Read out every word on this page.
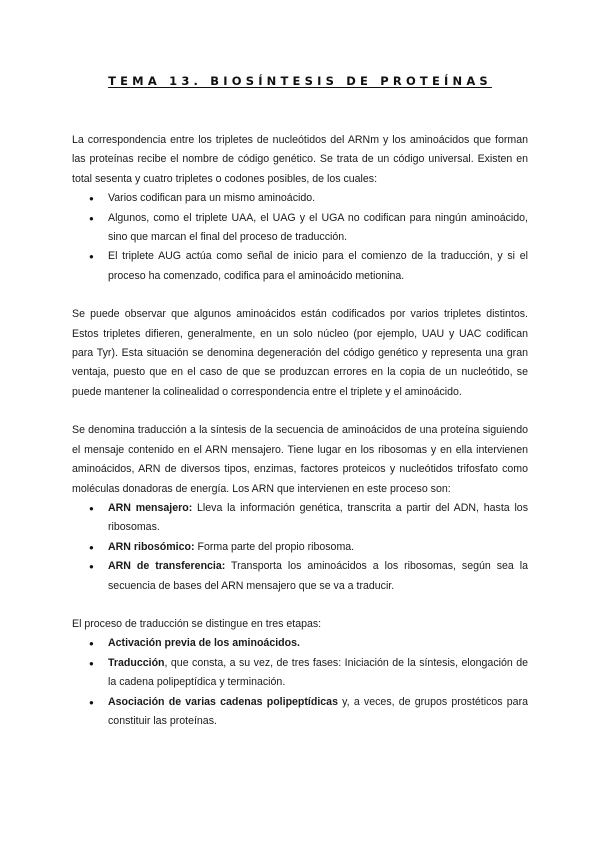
TEMA 13. BIOSÍNTESIS DE PROTEÍNAS

La correspondencia entre los tripletes de nucleótidos del ARNm y los aminoácidos que forman las proteínas recibe el nombre de código genético. Se trata de un código universal. Existen en total sesenta y cuatro tripletes o codones posibles, de los cuales:

● Varios codifican para un mismo aminoácido.
● Algunos, como el triplete UAA, el UAG y el UGA no codifican para ningún aminoácido, sino que marcan el final del proceso de traducción.
● El triplete AUG actúa como señal de inicio para el comienzo de la traducción, y si el proceso ha comenzado, codifica para el aminoácido metionina.

Se puede observar que algunos aminoácidos están codificados por varios tripletes distintos. Estos tripletes difieren, generalmente, en un solo núcleo (por ejemplo, UAU y UAC codifican para Tyr). Esta situación se denomina degeneración del código genético y representa una gran ventaja, puesto que en el caso de que se produzcan errores en la copia de un nucleótido, se puede mantener la colinealidad o correspondencia entre el triplete y el aminoácido.

Se denomina traducción a la síntesis de la secuencia de aminoácidos de una proteína siguiendo el mensaje contenido en el ARN mensajero. Tiene lugar en los ribosomas y en ella intervienen aminoácidos, ARN de diversos tipos, enzimas, factores proteicos y nucleótidos trifosfato como moléculas donadoras de energía. Los ARN que intervienen en este proceso son:

● ARN mensajero: Lleva la información genética, transcrita a partir del ADN, hasta los ribosomas.
● ARN ribosómico: Forma parte del propio ribosoma.
● ARN de transferencia: Transporta los aminoácidos a los ribosomas, según sea la secuencia de bases del ARN mensajero que se va a traducir.

El proceso de traducción se distingue en tres etapas:

● Activación previa de los aminoácidos.
● Traducción, que consta, a su vez, de tres fases: Iniciación de la síntesis, elongación de la cadena polipeptídica y terminación.
● Asociación de varias cadenas polipeptídicas y, a veces, de grupos prostéticos para constituir las proteínas.
